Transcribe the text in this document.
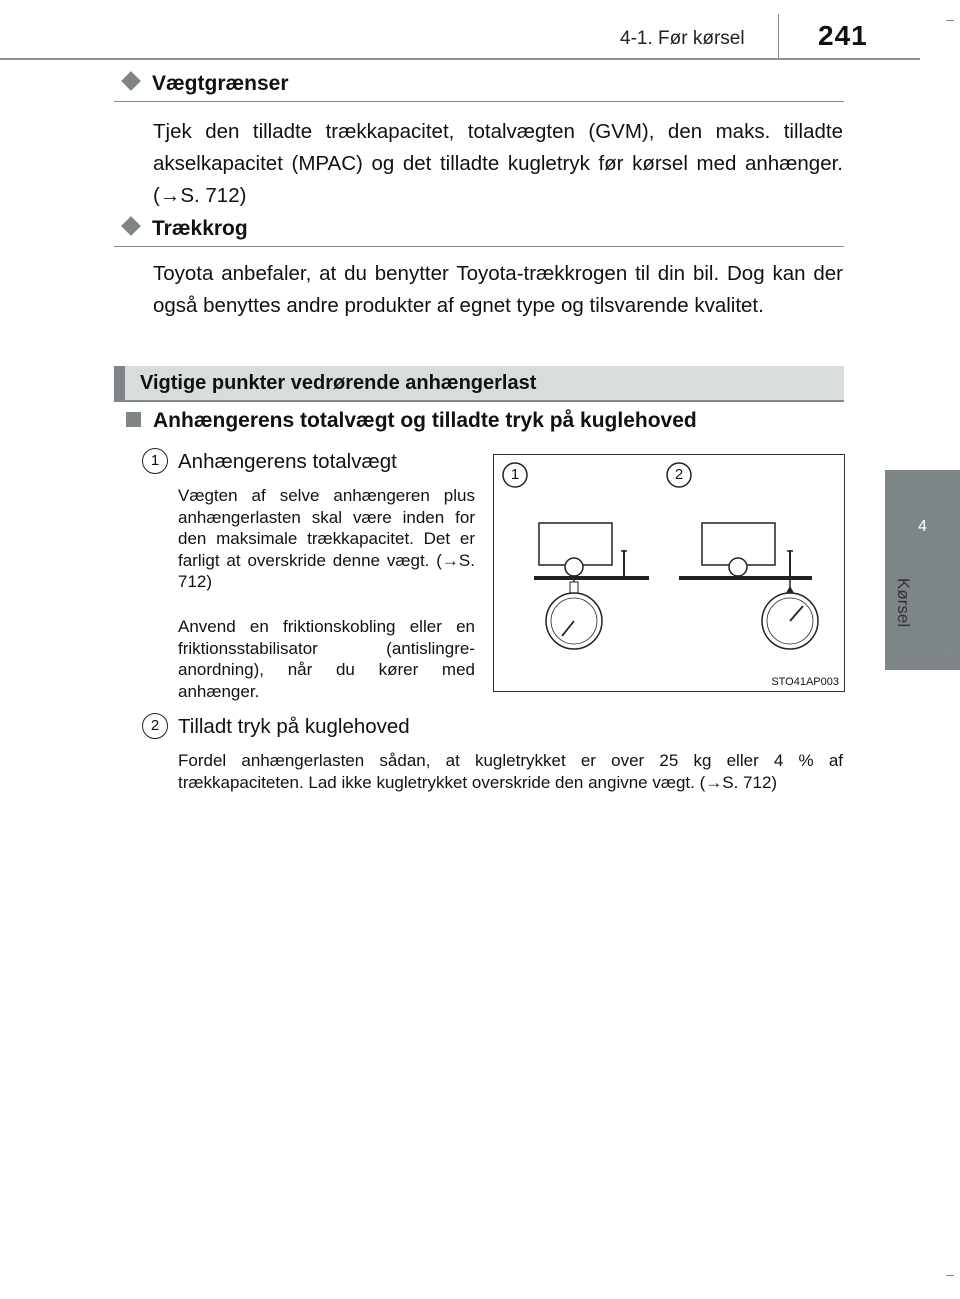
4-1. Før kørsel	241
4
Kørsel
Vægtgrænser
Tjek den tilladte trækkapacitet, totalvægten (GVM), den maks. tilladte akselkapacitet (MPAC) og det tilladte kugletryk før kørsel med anhænger. (→S. 712)
Trækkrog
Toyota anbefaler, at du benytter Toyota-trækkrogen til din bil. Dog kan der også benyttes andre produkter af egnet type og tilsvarende kvalitet.
Vigtige punkter vedrørende anhængerlast
Anhængerens totalvægt og tilladte tryk på kuglehoved
1 Anhængerens totalvægt
Vægten af selve anhængeren plus anhængerlasten skal være inden for den maksimale trækkapacitet. Det er farligt at overskride denne vægt. (→S. 712)
Anvend en friktionskobling eller en friktionsstabilisator (antislingre-anordning), når du kører med anhænger.
1	2
STO41AP003
2 Tilladt tryk på kuglehoved
Fordel anhængerlasten sådan, at kugletrykket er over 25 kg eller 4 % af trækkapaciteten. Lad ikke kugletrykket overskride den angivne vægt. (→S. 712)
